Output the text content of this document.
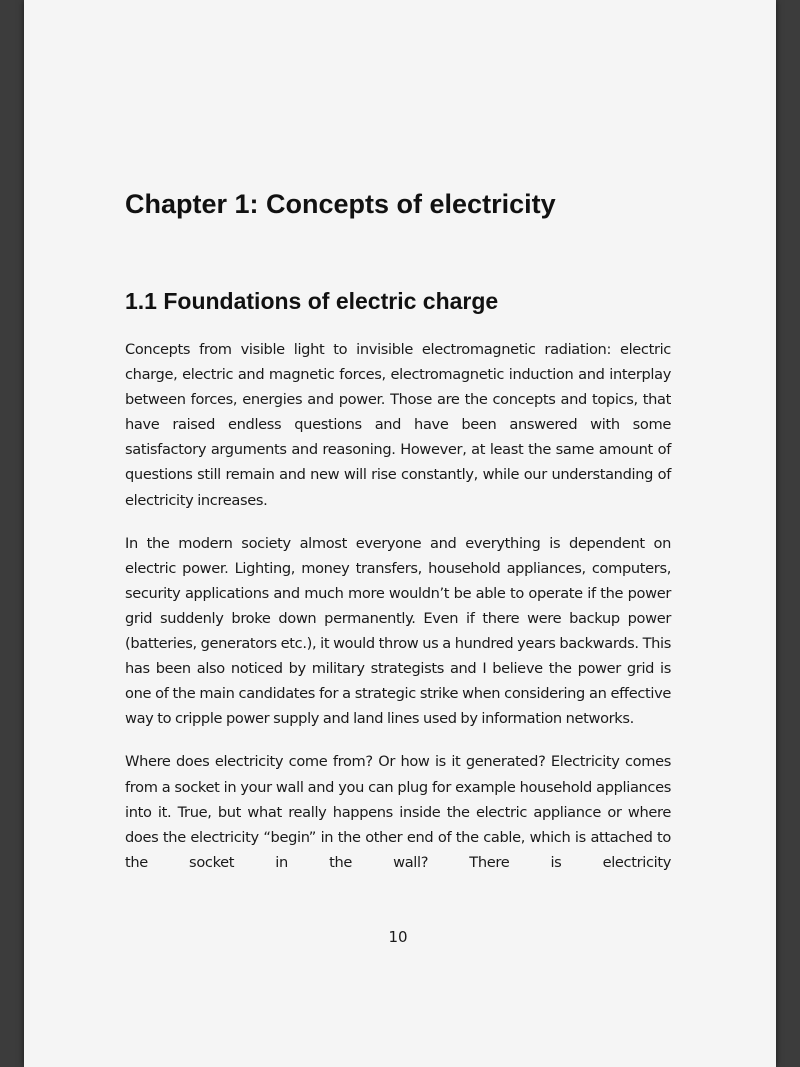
Chapter 1: Concepts of electricity
1.1 Foundations of electric charge

Concepts from visible light to invisible electromagnetic radiation: electric charge, electric and magnetic forces, electromagnetic induction and interplay between forces, energies and power. Those are the concepts and topics, that have raised endless questions and have been answered with some satisfactory arguments and reasoning. However, at least the same amount of questions still remain and new will rise constantly, while our understanding of electricity increases.

In the modern society almost everyone and everything is dependent on electric power. Lighting, money transfers, household appliances, computers, security applications and much more wouldn’t be able to operate if the power grid suddenly broke down permanently. Even if there were backup power (batteries, generators etc.), it would throw us a hundred years backwards. This has been also noticed by military strategists and I believe the power grid is one of the main candidates for a strategic strike when considering an effective way to cripple power supply and land lines used by information networks.

Where does electricity come from? Or how is it generated? Electricity comes from a socket in your wall and you can plug for example household appliances into it. True, but what really happens inside the electric appliance or where does the electricity “begin” in the other end of the cable, which is attached to the socket in the wall? There is electricity

10
